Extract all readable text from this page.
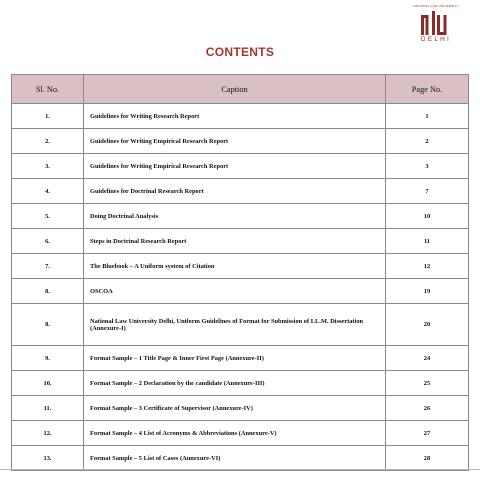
NATIONAL LAW UNIVERSITY
DELHI
CONTENTS
Sl. No.	Caption	Page No.
1.	Guidelines for Writing Research Report	1
2.	Guidelines for Writing Empirical Research Report	2
3.	Guidelines for Writing Empirical Research Report	3
4.	Guidelines for Doctrinal Research Report	7
5.	Doing Doctrinal Analysis	10
6.	Steps in Doctrinal Research Report	11
7.	The Bluebook – A Uniform system of Citation	12
8.	OSCOA	19
8.	National Law University Delhi, Uniform Guidelines of Format for Submission of LL.M. Dissertation (Annexure-I)	20
9.	Format Sample – 1 Title Page & Inner First Page (Annexure-II)	24
10.	Format Sample – 2 Declaration by the candidate (Annexure-III)	25
11.	Format Sample – 3 Certificate of Supervisor (Annexure-IV)	26
12.	Format Sample – 4 List of Acronyms & Abbreviations (Annexure-V)	27
13.	Format Sample – 5 List of Cases (Annexure-VI)	28
